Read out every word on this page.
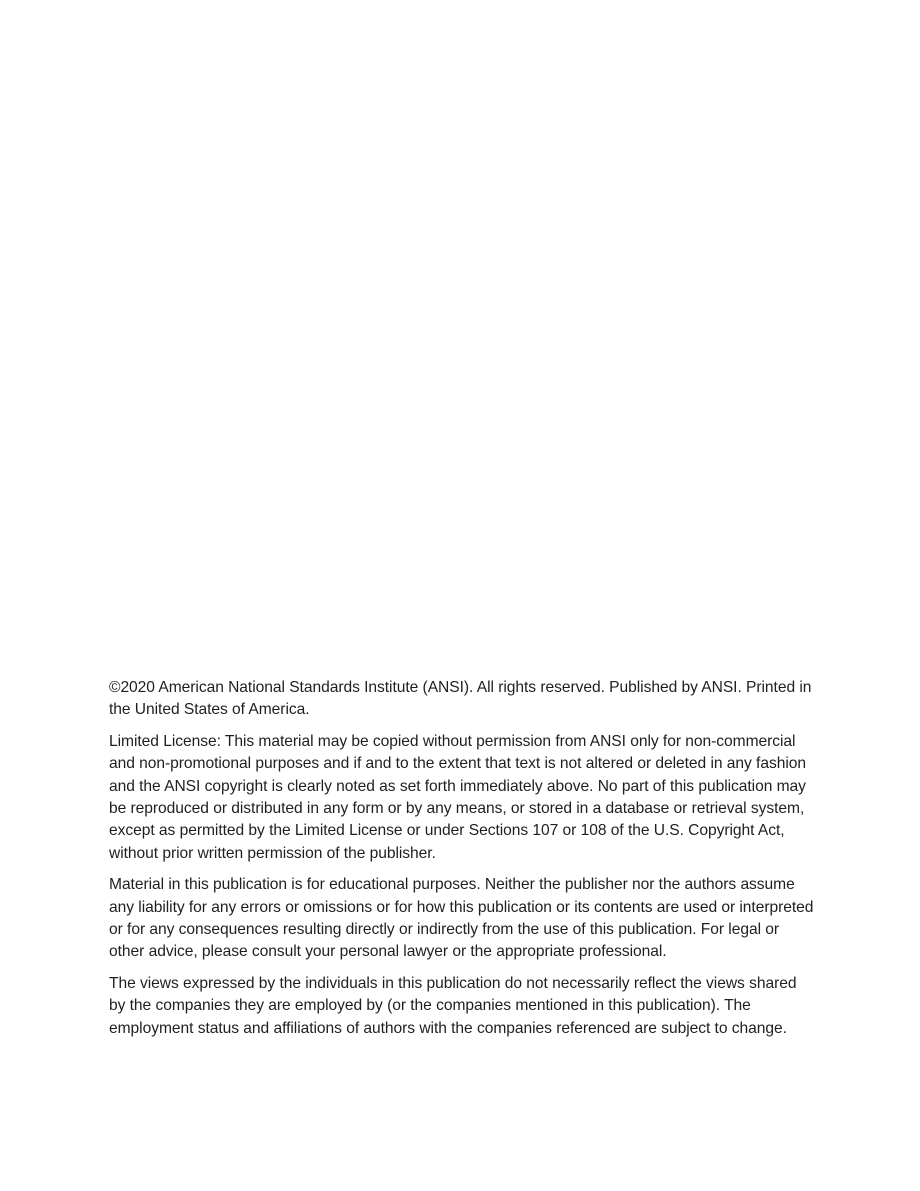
©2020 American National Standards Institute (ANSI). All rights reserved. Published by ANSI. Printed in the United States of America.

Limited License: This material may be copied without permission from ANSI only for non-commercial and non-promotional purposes and if and to the extent that text is not altered or deleted in any fashion and the ANSI copyright is clearly noted as set forth immediately above. No part of this publication may be reproduced or distributed in any form or by any means, or stored in a database or retrieval system, except as permitted by the Limited License or under Sections 107 or 108 of the U.S. Copyright Act, without prior written permission of the publisher.

Material in this publication is for educational purposes. Neither the publisher nor the authors assume any liability for any errors or omissions or for how this publication or its contents are used or interpreted or for any consequences resulting directly or indirectly from the use of this publication. For legal or other advice, please consult your personal lawyer or the appropriate professional.

The views expressed by the individuals in this publication do not necessarily reflect the views shared by the companies they are employed by (or the companies mentioned in this publication). The employment status and affiliations of authors with the companies referenced are subject to change.
